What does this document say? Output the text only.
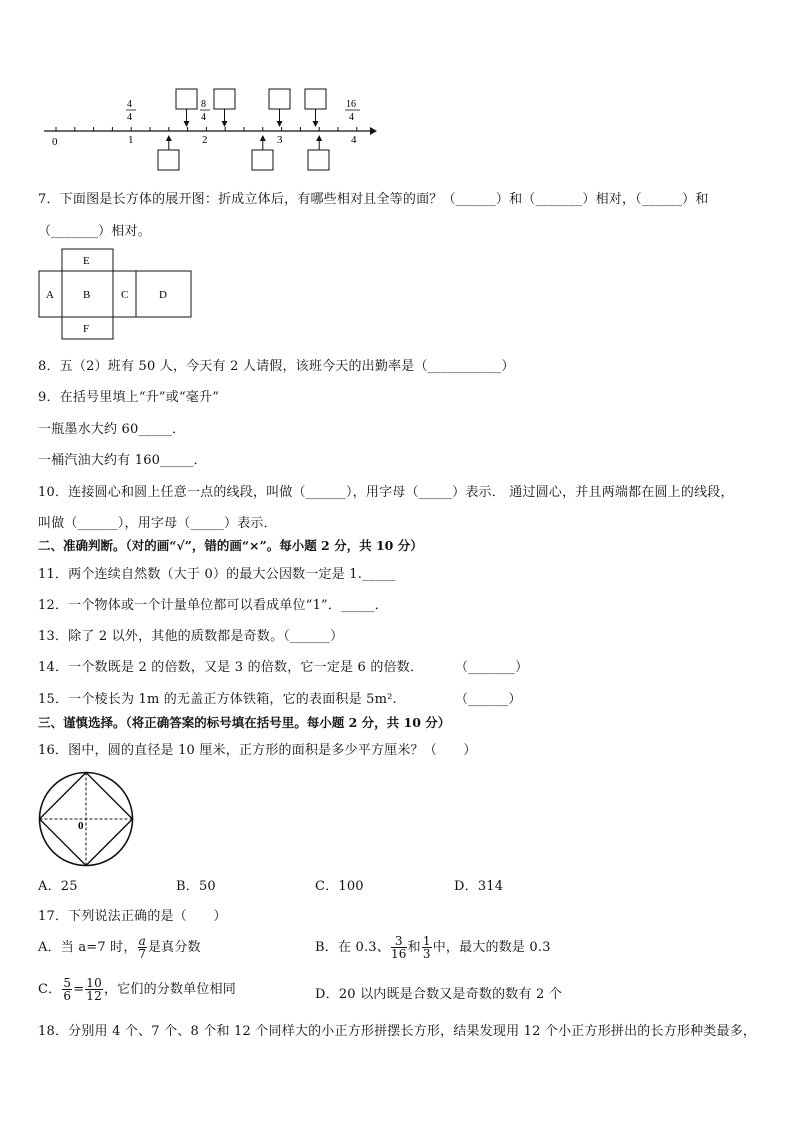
0	1	2	3	4
4
4
8
4
16
4
7．下面图是长方体的展开图：折成立体后，有哪些相对且全等的面？（______）和（_______）相对，（______）和
（_______）相对。
E
A	B	C	D
F
8．五（2）班有 50 人，今天有 2 人请假，该班今天的出勤率是（___________）
9．在括号里填上“升”或“毫升”
一瓶墨水大约 60_____．
一桶汽油大约有 160_____．
10．连接圆心和圆上任意一点的线段，叫做（______），用字母（_____）表示． 通过圆心，并且两端都在圆上的线段，
叫做（______），用字母（_____）表示．
二、准确判断。（对的画“√”，错的画“×”。每小题 2 分，共 10 分）
11．两个连续自然数（大于 0）的最大公因数一定是 1._____
12．一个物体或一个计量单位都可以看成单位“1”．_____．
13．除了 2 以外，其他的质数都是奇数。（______）
14．一个数既是 2 的倍数，又是 3 的倍数，它一定是 6 的倍数． （_______）
15．一个棱长为 1m 的无盖正方体铁箱，它的表面积是 5m².	（______）
三、谨慎选择。（将正确答案的标号填在括号里。每小题 2 分，共 10 分）
16．图中，圆的直径是 10 厘米，正方形的面积是多少平方厘米？（　　）
0
A．25	B．50	C．100	D．314
17．下列说法正确的是（　　）
A．当 a=7 时， $\frac{a}{7}$ 是真分数	B．在 0.3、 $\frac{3}{16}$ 和 $\frac{1}{3}$ 中，最大的数是 0.3
C． $\frac{5}{6} = \frac{10}{12}$ ，它们的分数单位相同	D．20 以内既是合数又是奇数的数有 2 个
18．分别用 4 个、7 个、8 个和 12 个同样大的小正方形拼摆长方形，结果发现用 12 个小正方形拼出的长方形种类最多，
